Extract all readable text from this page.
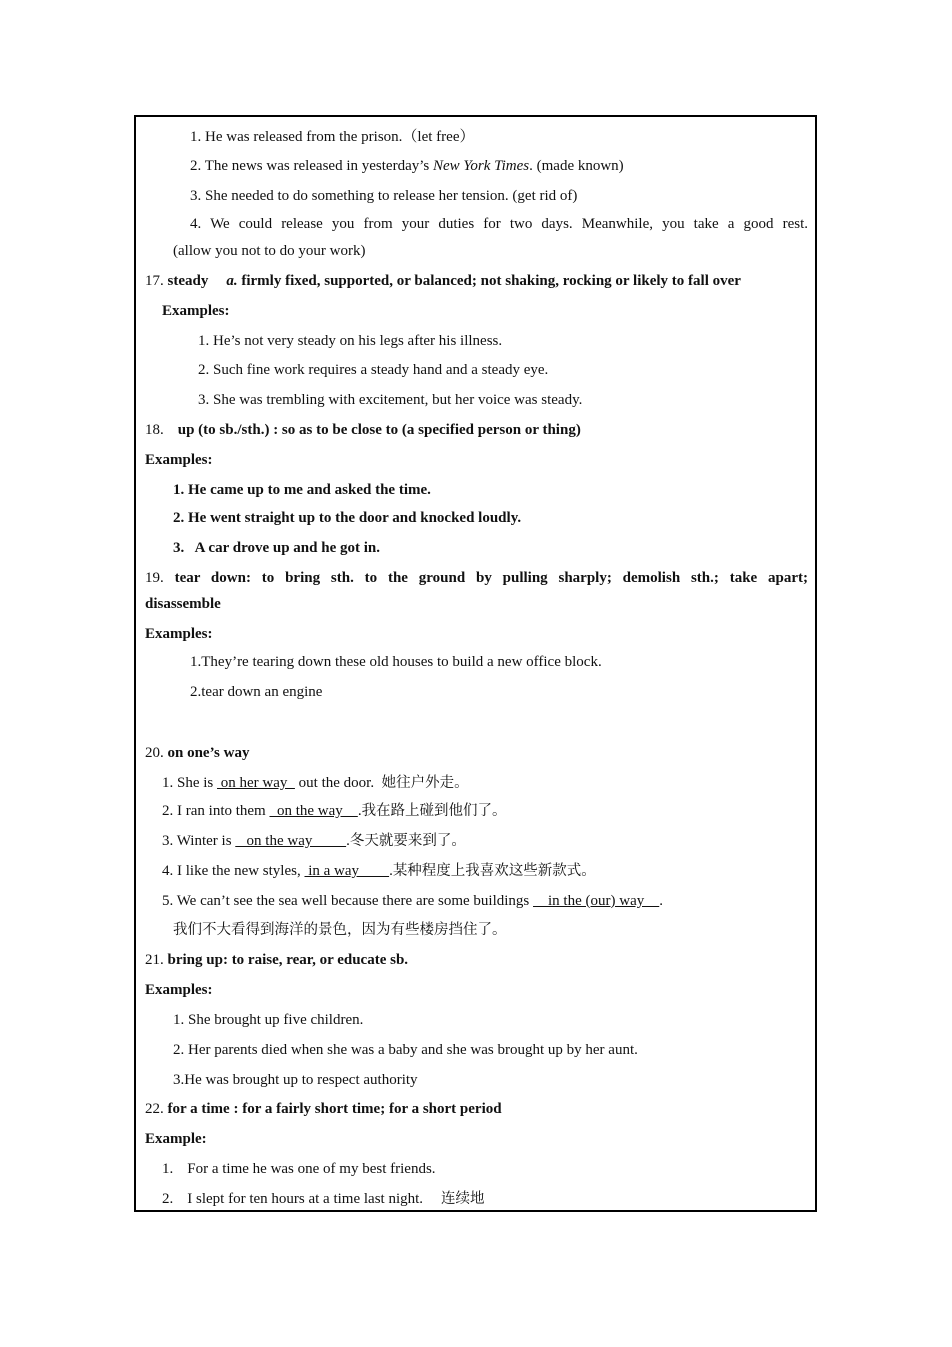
1. He was released from the prison.（let free）
2. The news was released in yesterday’s New York Times. (made known)
3. She needed to do something to release her tension. (get rid of)
4. We could release you from your duties for two days. Meanwhile, you take a good rest.
(allow you not to do your work)
17. steady a. firmly fixed, supported, or balanced; not shaking, rocking or likely to fall over
Examples:
1. He’s not very steady on his legs after his illness.
2. Such fine work requires a steady hand and a steady eye.
3. She was trembling with excitement, but her voice was steady.
18. up (to sb./sth.) : so as to be close to (a specified person or thing)
Examples:
1. He came up to me and asked the time.
2. He went straight up to the door and knocked loudly.
3.   A car drove up and he got in.
19. tear down: to bring sth. to the ground by pulling sharply; demolish sth.; take apart;
disassemble
Examples:
1.They’re tearing down these old houses to build a new office block.
2.tear down an engine
20. on one’s way
1. She is  on her way   out the door.  她往户外走。
2. I ran into them   on the way    .我在路上碰到他们了。
3. Winter is    on the way         .冬天就要来到了。
4. I like the new styles,  in a way        .某种程度上我喜欢这些新款式。
5. We can’t see the sea well because there are some buildings     in the (our) way    .
我们不大看得到海洋的景色，因为有些楼房挡住了。
21. bring up: to raise, rear, or educate sb.
Examples:
1. She brought up five children.
2. Her parents died when she was a baby and she was brought up by her aunt.
3.He was brought up to respect authority
22. for a time : for a fairly short time; for a short period
Example:
1. For a time he was one of my best friends.
2. I slept for ten hours at a time last night. 连续地
